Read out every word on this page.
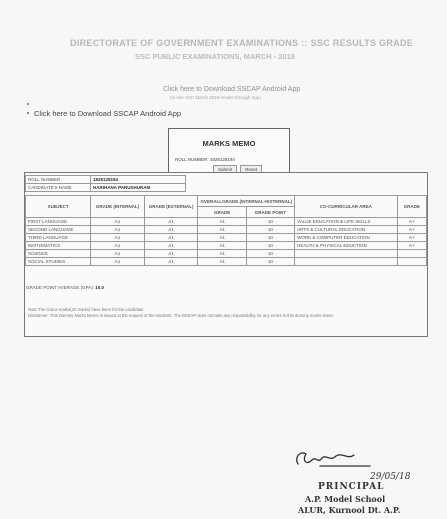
DIRECTORATE OF GOVERNMENT EXAMINATIONS :: SSC RESULTS GRADE
SSC PUBLIC EXAMINATIONS, MARCH - 2018
Click here to Download SSCAP Android App
(to see SSC March 2018 results through App)
Click here to Download SSCAP Android App
MARKS MEMO
ROLL NUMBER: 1828128194
Submit	Reset
ROLL NUMBER	1828128194
CANDIDATE'S NAME	HARIHANA PARUSHURAM
SUBJECT	GRADE (INTERNAL)	GRADE (EXTERNAL)	OVERALLGRADE (INTERNAL+EXTERNAL)		CO-CURRICULAR AREA	GRADE
			GRADE	GRADE POINT		
FIRST LANGUAGE	A1	A1	A1	10	VALUE EDUCATION & LIFE SKILLS	A+
SECOND LANGUAGE	A1	A1	A1	10	ARTS & CULTURAL EDUCATION	A+
THIRD LANGUAGE	A1	A1	A1	10	WORK & COMPUTER EDUCATION	A+
MATHEMATICS	A1	A1	A1	10	HEALTH & PHYSICAL EDUCTION	A+
SCIENCE	A1	A1	A1	10		
SOCIAL STUDIES	A1	A1	A1	10		
GRADE POINT AVERAGE (GPA): 10.0
Note:The Grace marks(20 marks) have been for the candidate.
Disclaimer: This Dummy Marks Memo is issued at the request of the students. The BSEAP does not take any responsibility for any errors in this dummy marks sheet.
29/05/18
PRINCIPAL
A.P. Model School
ALUR, Kurnool Dt. A.P.
